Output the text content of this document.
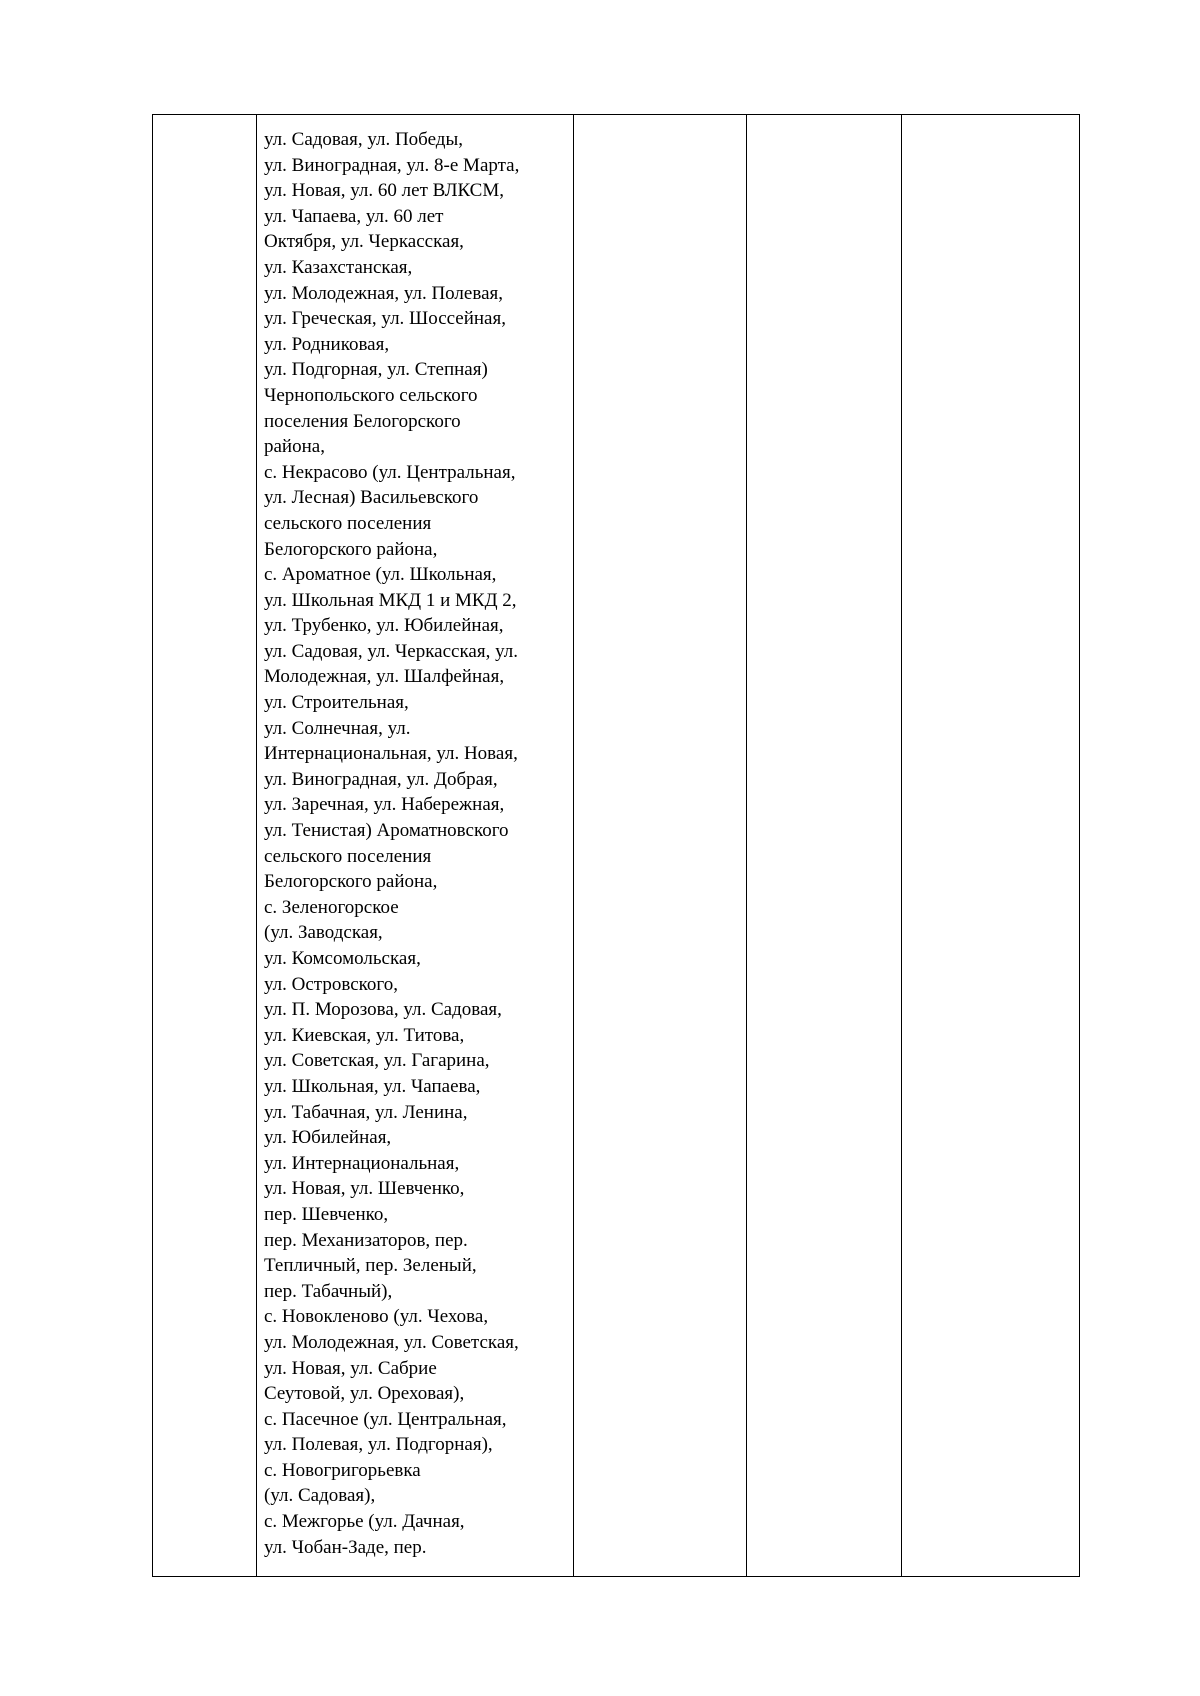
ул. Садовая, ул. Победы,
ул. Виноградная, ул. 8-е Марта,
ул. Новая, ул. 60 лет ВЛКСМ,
ул. Чапаева, ул. 60 лет
Октября, ул. Черкасская,
ул. Казахстанская,
ул. Молодежная, ул. Полевая,
ул. Греческая, ул. Шоссейная,
ул. Родниковая,
ул. Подгорная, ул. Степная)
Чернопольского сельского
поселения Белогорского
района,
с. Некрасово (ул. Центральная,
ул. Лесная) Васильевского
сельского поселения
Белогорского района,
с. Ароматное (ул. Школьная,
ул. Школьная МКД 1 и МКД 2,
ул. Трубенко, ул. Юбилейная,
ул. Садовая, ул. Черкасская, ул.
Молодежная, ул. Шалфейная,
ул. Строительная,
ул. Солнечная, ул.
Интернациональная, ул. Новая,
ул. Виноградная, ул. Добрая,
ул. Заречная, ул. Набережная,
ул. Тенистая) Ароматновского
сельского поселения
Белогорского района,
с. Зеленогорское
(ул. Заводская,
ул. Комсомольская,
ул. Островского,
ул. П. Морозова, ул. Садовая,
ул. Киевская, ул. Титова,
ул. Советская, ул. Гагарина,
ул. Школьная, ул. Чапаева,
ул. Табачная, ул. Ленина,
ул. Юбилейная,
ул. Интернациональная,
ул. Новая, ул. Шевченко,
пер. Шевченко,
пер. Механизаторов, пер.
Тепличный, пер. Зеленый,
пер. Табачный),
с. Новокленово (ул. Чехова,
ул. Молодежная, ул. Советская,
ул. Новая, ул. Сабрие
Сеутовой, ул. Ореховая),
с. Пасечное (ул. Центральная,
ул. Полевая, ул. Подгорная),
с. Новогригорьевка
(ул. Садовая),
с. Межгорье (ул. Дачная,
ул. Чобан-Заде, пер.
